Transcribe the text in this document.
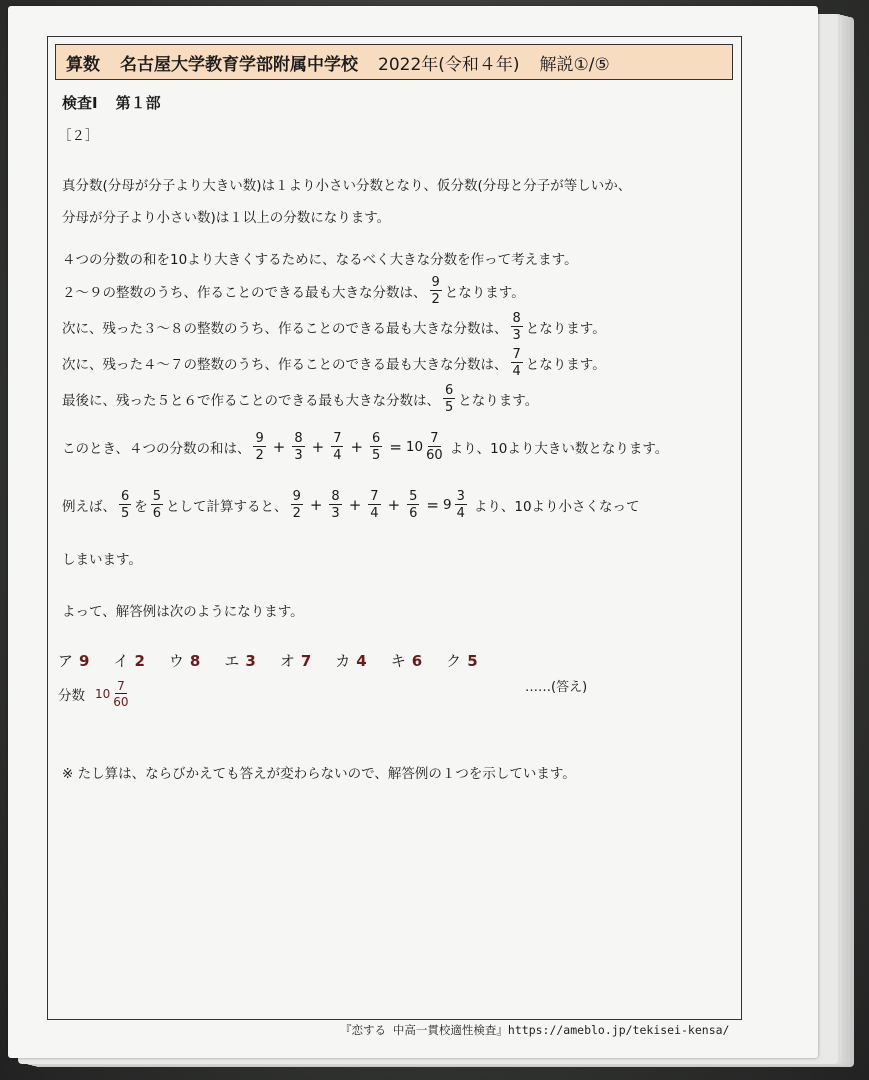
算数 名古屋大学教育学部附属中学校 2022年(令和４年) 解説①/⑤
検査Ⅰ 第１部
［２］
真分数(分母が分子より大きい数)は１より小さい分数となり、仮分数(分母と分子が等しいか、
分母が分子より小さい数)は１以上の分数になります。
４つの分数の和を10より大きくするために、なるべく大きな分数を作って考えます。
２～９の整数のうち、作ることのできる最も大きな分数は、 $\frac{9}{2}$ となります。
次に、残った３～８の整数のうち、作ることのできる最も大きな分数は、 $\frac{8}{3}$ となります。
次に、残った４～７の整数のうち、作ることのできる最も大きな分数は、 $\frac{7}{4}$ となります。
最後に、残った５と６で作ることのできる最も大きな分数は、 $\frac{6}{5}$ となります。
このとき、４つの分数の和は、 $\frac{9}{2} + \frac{8}{3} + \frac{7}{4} + \frac{6}{5} = 10 \frac{7}{60}$ より、10より大きい数となります。
例えば、 $\frac{6}{5}$ を $\frac{5}{6}$ として計算すると、 $\frac{9}{2} + \frac{8}{3} + \frac{7}{4} + \frac{5}{6} = 9 \frac{3}{4}$ より、10より小さくなって
しまいます。
よって、解答例は次のようになります。
ア 9 イ 2 ウ 8 エ 3 オ 7 カ 4 キ 6 ク 5
分数 $10 \frac{7}{60}$	……(答え)
※ たし算は、ならびかえても答えが変わらないので、解答例の１つを示しています。
『恋する 中高一貫校適性検査』https://ameblo.jp/tekisei-kensa/
